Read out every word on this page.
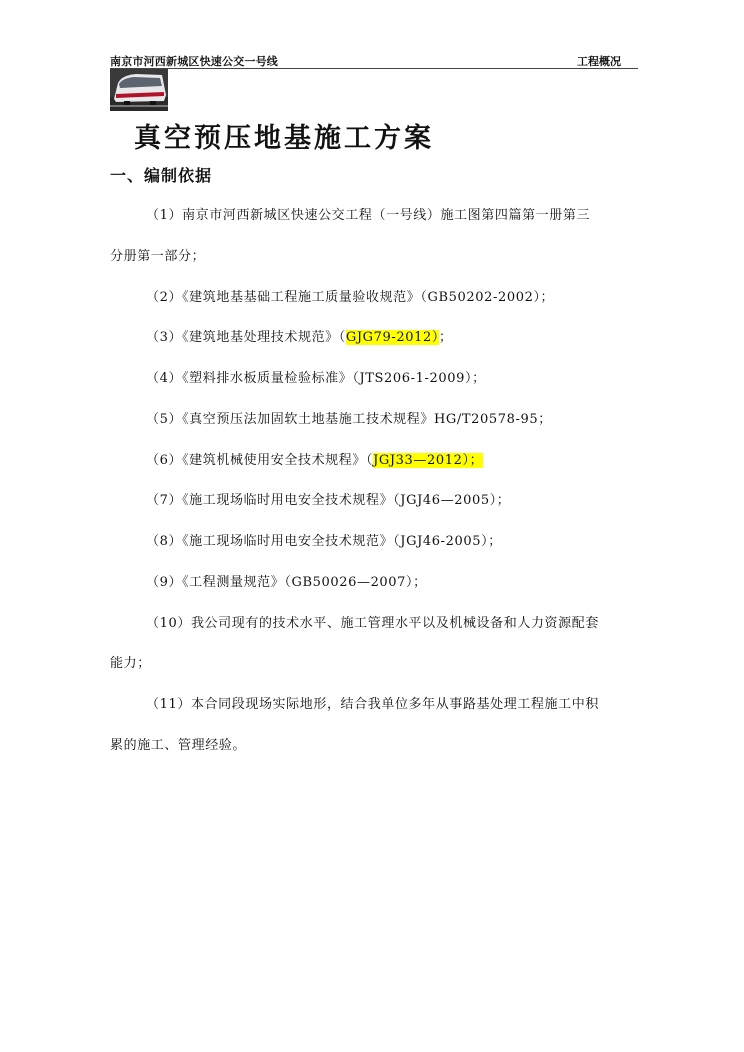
南京市河西新城区快速公交一号线	工程概况
真空预压地基施工方案
一、编制依据
（1）南京市河西新城区快速公交工程（一号线）施工图第四篇第一册第三
分册第一部分；
（2）《建筑地基基础工程施工质量验收规范》（GB50202-2002）；
（3）《建筑地基处理技术规范》（GJG79-2012）；
（4）《塑料排水板质量检验标准》（JTS206-1-2009）；
（5）《真空预压法加固软土地基施工技术规程》HG/T20578-95；
（6）《建筑机械使用安全技术规程》（JGJ33—2012）；
（7）《施工现场临时用电安全技术规程》（JGJ46—2005）；
（8）《施工现场临时用电安全技术规范》（JGJ46-2005）；
（9）《工程测量规范》（GB50026—2007）；
（10）我公司现有的技术水平、施工管理水平以及机械设备和人力资源配套
能力；
（11）本合同段现场实际地形，结合我单位多年从事路基处理工程施工中积
累的施工、管理经验。
